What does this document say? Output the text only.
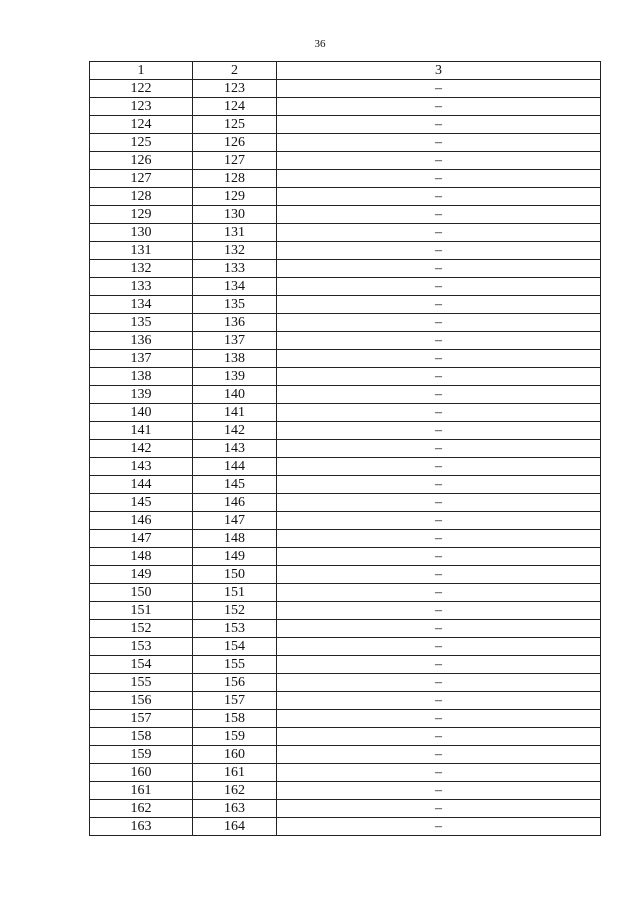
36
1	2	3
122	123	–
123	124	–
124	125	–
125	126	–
126	127	–
127	128	–
128	129	–
129	130	–
130	131	–
131	132	–
132	133	–
133	134	–
134	135	–
135	136	–
136	137	–
137	138	–
138	139	–
139	140	–
140	141	–
141	142	–
142	143	–
143	144	–
144	145	–
145	146	–
146	147	–
147	148	–
148	149	–
149	150	–
150	151	–
151	152	–
152	153	–
153	154	–
154	155	–
155	156	–
156	157	–
157	158	–
158	159	–
159	160	–
160	161	–
161	162	–
162	163	–
163	164	–
